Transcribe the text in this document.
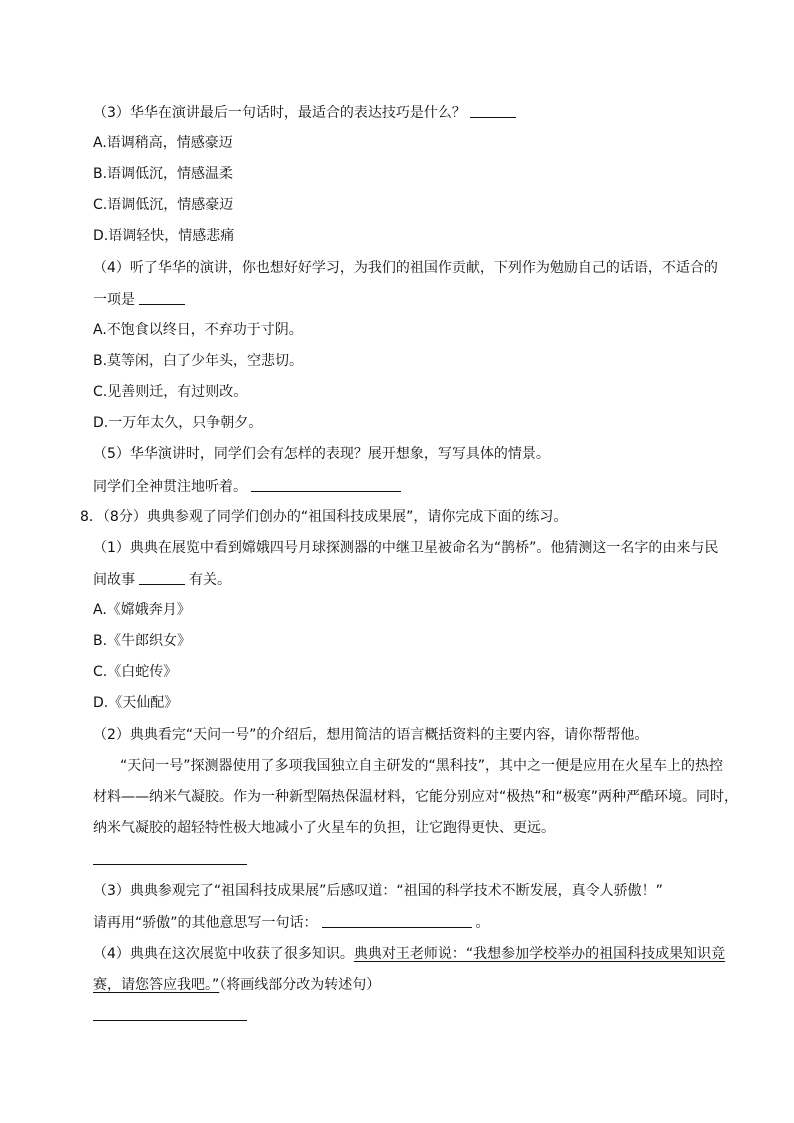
（3）华华在演讲最后一句话时，最适合的表达技巧是什么？
A.语调稍高，情感豪迈
B.语调低沉，情感温柔
C.语调低沉，情感豪迈
D.语调轻快，情感悲痛
（4）听了华华的演讲，你也想好好学习，为我们的祖国作贡献，下列作为勉励自己的话语，不适合的
一项是
A.不饱食以终日，不弃功于寸阴。
B.莫等闲，白了少年头，空悲切。
C.见善则迁，有过则改。
D.一万年太久，只争朝夕。
（5）华华演讲时，同学们会有怎样的表现？展开想象，写写具体的情景。
同学们全神贯注地听着。
8．（8分）典典参观了同学们创办的“祖国科技成果展”，请你完成下面的练习。
（1）典典在展览中看到嫦娥四号月球探测器的中继卫星被命名为“鹊桥”。他猜测这一名字的由来与民
间故事	有关。
A.《嫦娥奔月》
B.《牛郎织女》
C.《白蛇传》
D.《天仙配》
（2）典典看完“天问一号”的介绍后，想用简洁的语言概括资料的主要内容，请你帮帮他。
“天问一号”探测器使用了多项我国独立自主研发的“黑科技”，其中之一便是应用在火星车上的热控
材料——纳米气凝胶。作为一种新型隔热保温材料，它能分别应对“极热”和“极寒”两种严酷环境。同时，
纳米气凝胶的超轻特性极大地减小了火星车的负担，让它跑得更快、更远。
（3）典典参观完了“祖国科技成果展”后感叹道：“祖国的科学技术不断发展，真令人骄傲！”
请再用“骄傲”的其他意思写一句话：	。
（4）典典在这次展览中收获了很多知识。典典对王老师说：“我想参加学校举办的祖国科技成果知识竞
赛，请您答应我吧。”（将画线部分改为转述句）
